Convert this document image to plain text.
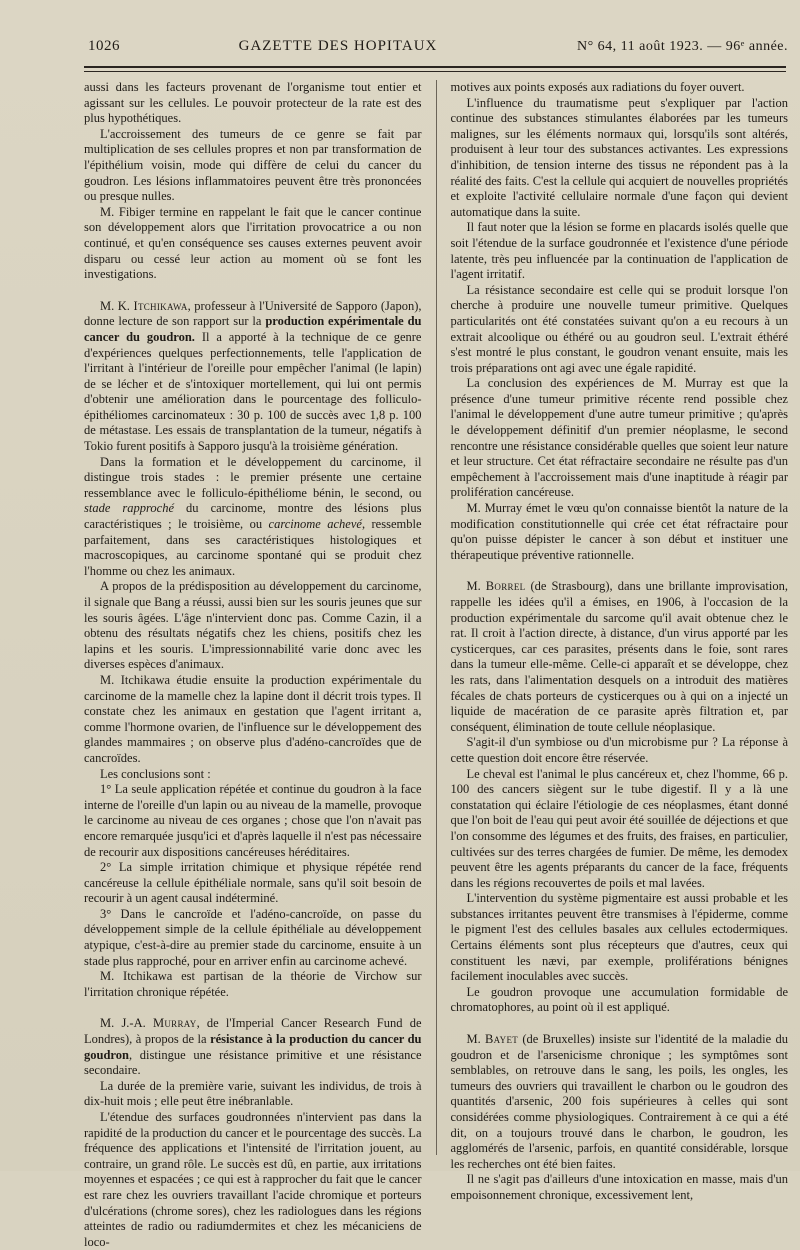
1026	GAZETTE DES HOPITAUX	N° 64, 11 août 1923. — 96ᵉ année.

aussi dans les facteurs provenant de l'organisme tout entier et agissant sur les cellules. Le pouvoir protecteur de la rate est des plus hypothétiques.

L'accroissement des tumeurs de ce genre se fait par multiplication de ses cellules propres et non par transformation de l'épithélium voisin, mode qui diffère de celui du cancer du goudron. Les lésions inflammatoires peuvent être très prononcées ou presque nulles.

M. Fibiger termine en rappelant le fait que le cancer continue son développement alors que l'irritation provocatrice a ou non continué, et qu'en conséquence ses causes externes peuvent avoir disparu ou cessé leur action au moment où se font les investigations.

M. K. Itchikawa, professeur à l'Université de Sapporo (Japon), donne lecture de son rapport sur la production expérimentale du cancer du goudron. Il a apporté à la technique de ce genre d'expériences quelques perfectionnements, telle l'application de l'irritant à l'intérieur de l'oreille pour empêcher l'animal (le lapin) de se lécher et de s'intoxiquer mortellement, qui lui ont permis d'obtenir une amélioration dans le pourcentage des folliculo-épithéliomes carcinomateux : 30 p. 100 de succès avec 1,8 p. 100 de métastase. Les essais de transplantation de la tumeur, négatifs à Tokio furent positifs à Sapporo jusqu'à la troisième génération.

Dans la formation et le développement du carcinome, il distingue trois stades : le premier présente une certaine ressemblance avec le folliculo-épithéliome bénin, le second, ou stade rapproché du carcinome, montre des lésions plus caractéristiques ; le troisième, ou carcinome achevé, ressemble parfaitement, dans ses caractéristiques histologiques et macroscopiques, au carcinome spontané qui se produit chez l'homme ou chez les animaux.

A propos de la prédisposition au développement du carcinome, il signale que Bang a réussi, aussi bien sur les souris jeunes que sur les souris âgées. L'âge n'intervient donc pas. Comme Cazin, il a obtenu des résultats négatifs chez les chiens, positifs chez les lapins et les souris. L'impressionnabilité varie donc avec les diverses espèces d'animaux.

M. Itchikawa étudie ensuite la production expérimentale du carcinome de la mamelle chez la lapine dont il décrit trois types. Il constate chez les animaux en gestation que l'agent irritant a, comme l'hormone ovarien, de l'influence sur le développement des glandes mammaires ; on observe plus d'adéno-cancroïdes que de cancroïdes.

Les conclusions sont :

1° La seule application répétée et continue du goudron à la face interne de l'oreille d'un lapin ou au niveau de la mamelle, provoque le carcinome au niveau de ces organes ; chose que l'on n'avait pas encore remarquée jusqu'ici et d'après laquelle il n'est pas nécessaire de recourir aux dispositions cancéreuses héréditaires.

2° La simple irritation chimique et physique répétée rend cancéreuse la cellule épithéliale normale, sans qu'il soit besoin de recourir à un agent causal indéterminé.

3° Dans le cancroïde et l'adéno-cancroïde, on passe du développement simple de la cellule épithéliale au développement atypique, c'est-à-dire au premier stade du carcinome, ensuite à un stade plus rapproché, pour en arriver enfin au carcinome achevé.

M. Itchikawa est partisan de la théorie de Virchow sur l'irritation chronique répétée.

M. J.-A. Murray, de l'Imperial Cancer Research Fund de Londres), à propos de la résistance à la production du cancer du goudron, distingue une résistance primitive et une résistance secondaire.

La durée de la première varie, suivant les individus, de trois à dix-huit mois ; elle peut être inébranlable.

L'étendue des surfaces goudronnées n'intervient pas dans la rapidité de la production du cancer et le pourcentage des succès. La fréquence des applications et l'intensité de l'irritation jouent, au contraire, un grand rôle. Le succès est dû, en partie, aux irritations moyennes et espacées ; ce qui est à rapprocher du fait que le cancer est rare chez les ouvriers travaillant l'acide chromique et porteurs d'ulcérations (chrome sores), chez les radiologues dans les régions atteintes de radio ou radiumdermites et chez les mécaniciens de loco-

motives aux points exposés aux radiations du foyer ouvert.

L'influence du traumatisme peut s'expliquer par l'action continue des substances stimulantes élaborées par les tumeurs malignes, sur les éléments normaux qui, lorsqu'ils sont altérés, produisent à leur tour des substances activantes. Les expressions d'inhibition, de tension interne des tissus ne répondent pas à la réalité des faits. C'est la cellule qui acquiert de nouvelles propriétés et exploite l'activité cellulaire normale d'une façon qui devient automatique dans la suite.

Il faut noter que la lésion se forme en placards isolés quelle que soit l'étendue de la surface goudronnée et l'existence d'une période latente, très peu influencée par la continuation de l'application de l'agent irritatif.

La résistance secondaire est celle qui se produit lorsque l'on cherche à produire une nouvelle tumeur primitive. Quelques particularités ont été constatées suivant qu'on a eu recours à un extrait alcoolique ou éthéré ou au goudron seul. L'extrait éthéré s'est montré le plus constant, le goudron venant ensuite, mais les trois préparations ont agi avec une égale rapidité.

La conclusion des expériences de M. Murray est que la présence d'une tumeur primitive récente rend possible chez l'animal le développement d'une autre tumeur primitive ; qu'après le développement définitif d'un premier néoplasme, le second rencontre une résistance considérable quelles que soient leur nature et leur structure. Cet état réfractaire secondaire ne résulte pas d'un empêchement à l'accroissement mais d'une inaptitude à réagir par prolifération cancéreuse.

M. Murray émet le vœu qu'on connaisse bientôt la nature de la modification constitutionnelle qui crée cet état réfractaire pour qu'on puisse dépister le cancer à son début et instituer une thérapeutique préventive rationnelle.

M. Borrel (de Strasbourg), dans une brillante improvisation, rappelle les idées qu'il a émises, en 1906, à l'occasion de la production expérimentale du sarcome qu'il avait obtenue chez le rat. Il croit à l'action directe, à distance, d'un virus apporté par les cysticerques, car ces parasites, présents dans le foie, sont rares dans la tumeur elle-même. Celle-ci apparaît et se développe, chez les rats, dans l'alimentation desquels on a introduit des matières fécales de chats porteurs de cysticerques ou à qui on a injecté un liquide de macération de ce parasite après filtration et, par conséquent, élimination de toute cellule néoplasique.

S'agit-il d'un symbiose ou d'un microbisme pur ? La réponse à cette question doit encore être réservée.

Le cheval est l'animal le plus cancéreux et, chez l'homme, 66 p. 100 des cancers siègent sur le tube digestif. Il y a là une constatation qui éclaire l'étiologie de ces néoplasmes, étant donné que l'on boit de l'eau qui peut avoir été souillée de déjections et que l'on consomme des légumes et des fruits, des fraises, en particulier, cultivées sur des terres chargées de fumier. De même, les demodex peuvent être les agents préparants du cancer de la face, fréquents dans les régions recouvertes de poils et mal lavées.

L'intervention du système pigmentaire est aussi probable et les substances irritantes peuvent être transmises à l'épiderme, comme le pigment l'est des cellules basales aux cellules ectodermiques. Certains éléments sont plus récepteurs que d'autres, ceux qui constituent les nævi, par exemple, proliférations bénignes facilement inoculables avec succès.

Le goudron provoque une accumulation formidable de chromatophores, au point où il est appliqué.

M. Bayet (de Bruxelles) insiste sur l'identité de la maladie du goudron et de l'arsenicisme chronique ; les symptômes sont semblables, on retrouve dans le sang, les poils, les ongles, les tumeurs des ouvriers qui travaillent le charbon ou le goudron des quantités d'arsenic, 200 fois supérieures à celles qui sont considérées comme physiologiques. Contrairement à ce qui a été dit, on a toujours trouvé dans le charbon, le goudron, les agglomérés de l'arsenic, parfois, en quantité considérable, lorsque les recherches ont été bien faites.

Il ne s'agit pas d'ailleurs d'une intoxication en masse, mais d'un empoisonnement chronique, excessivement lent,
